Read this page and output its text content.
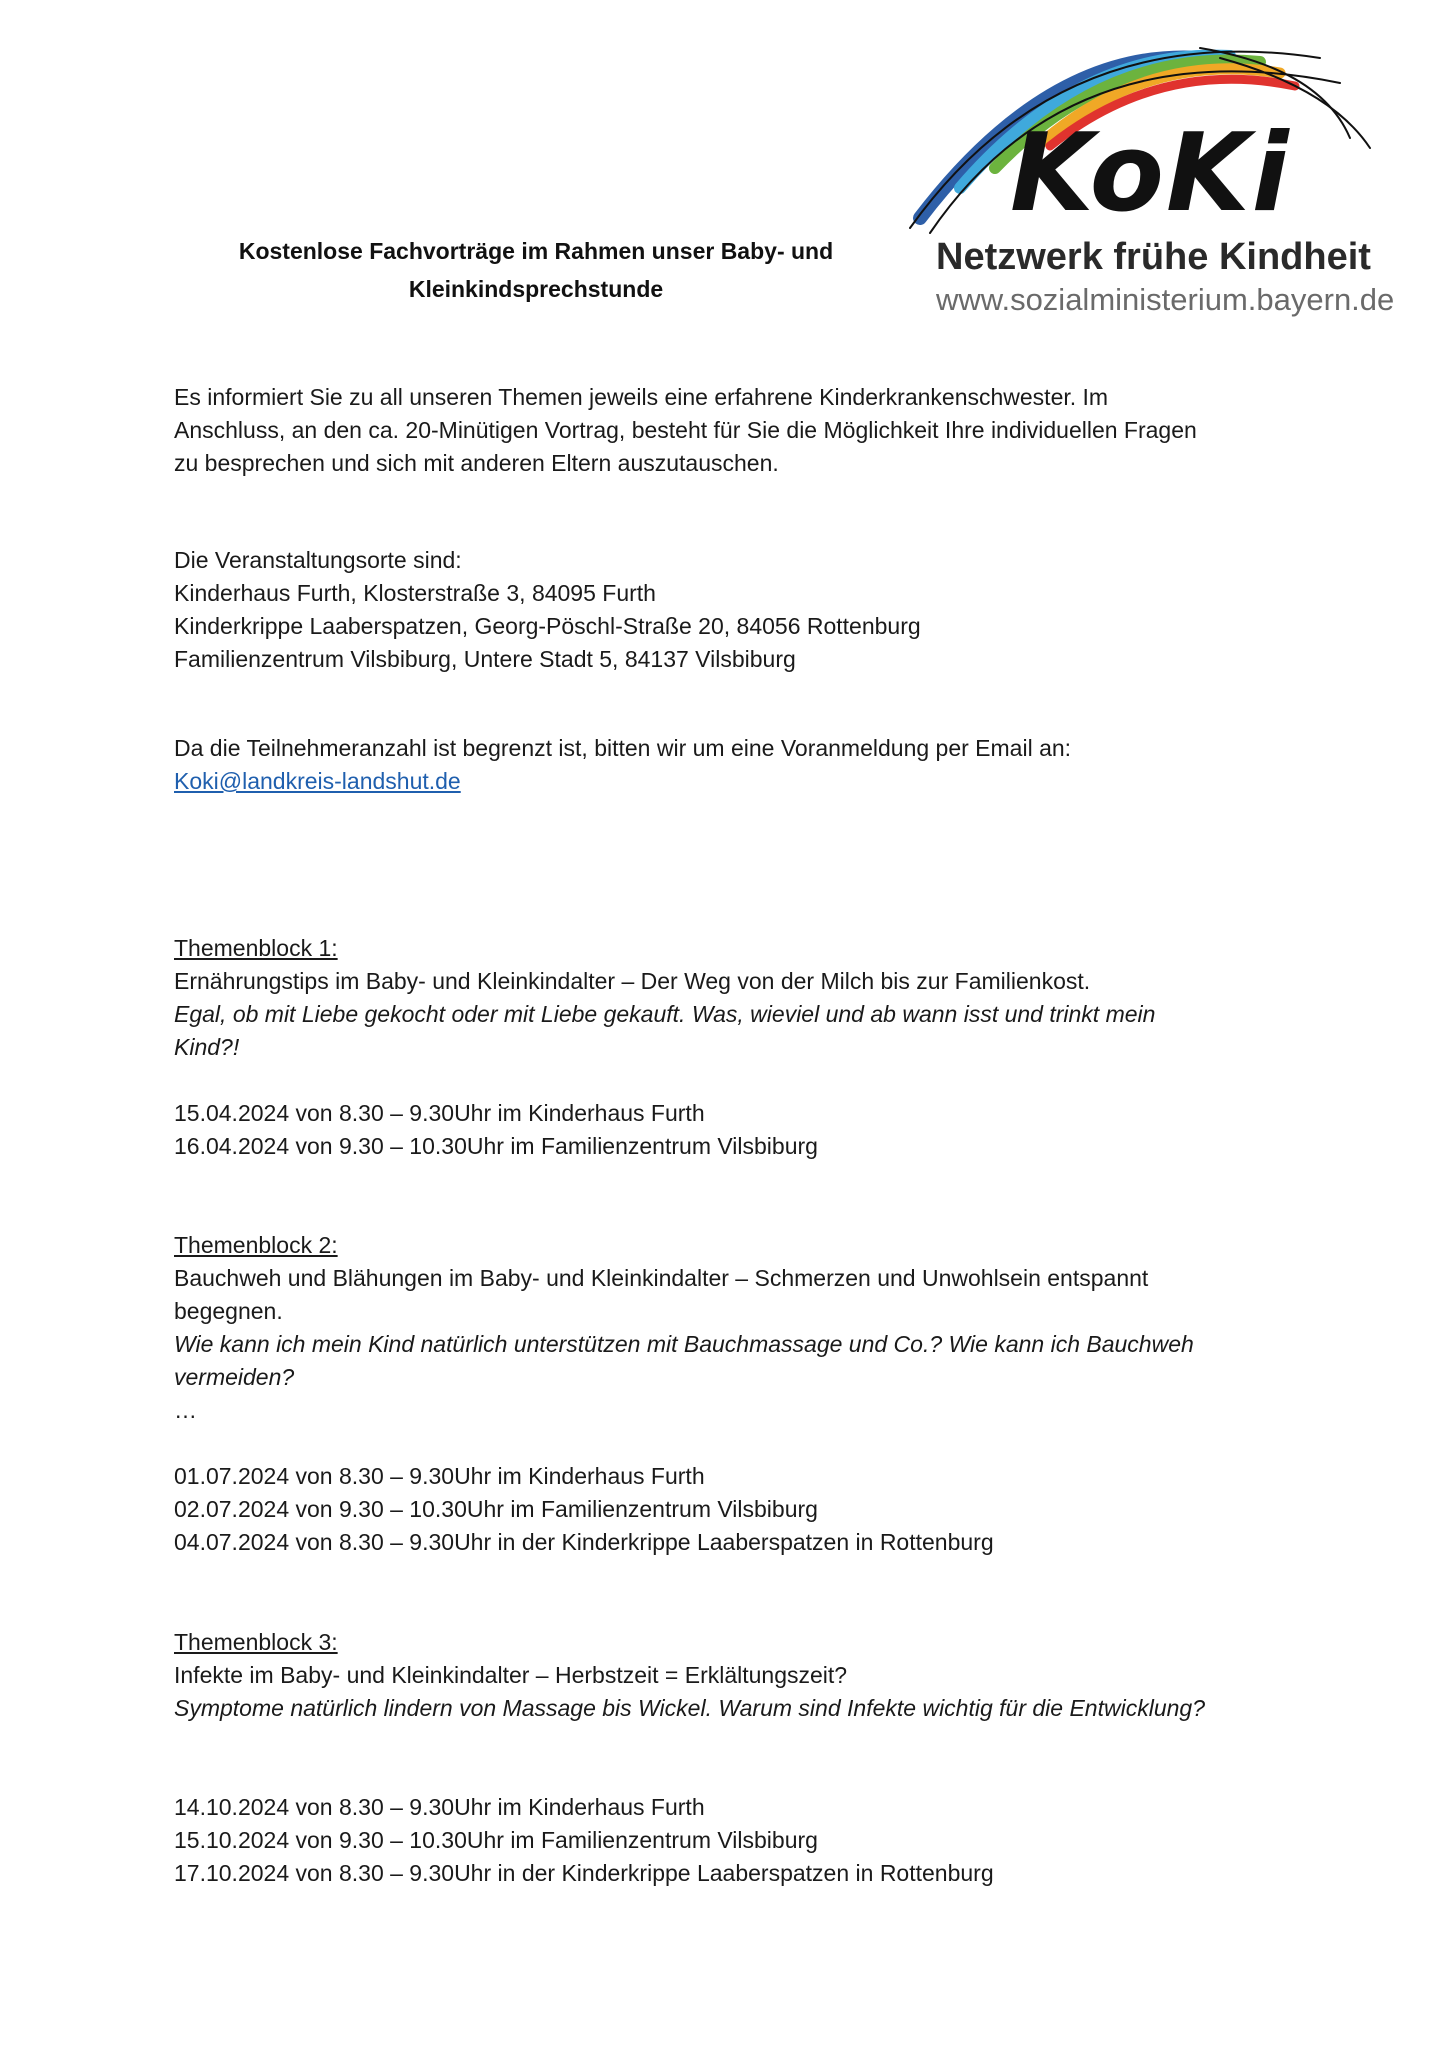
Kostenlose Fachvorträge im Rahmen unser Baby- und
Kleinkindsprechstunde
KoKi
Netzwerk frühe Kindheit
www.sozialministerium.bayern.de
Es informiert Sie zu all unseren Themen jeweils eine erfahrene Kinderkrankenschwester. Im
Anschluss, an den ca. 20-Minütigen Vortrag, besteht für Sie die Möglichkeit Ihre individuellen Fragen
zu besprechen und sich mit anderen Eltern auszutauschen.
Die Veranstaltungsorte sind:
Kinderhaus Furth, Klosterstraße 3, 84095 Furth
Kinderkrippe Laaberspatzen, Georg-Pöschl-Straße 20, 84056 Rottenburg
Familienzentrum Vilsbiburg, Untere Stadt 5, 84137 Vilsbiburg
Da die Teilnehmeranzahl ist begrenzt ist, bitten wir um eine Voranmeldung per Email an:
Koki@landkreis-landshut.de
Themenblock 1:
Ernährungstips im Baby- und Kleinkindalter – Der Weg von der Milch bis zur Familienkost.
Egal, ob mit Liebe gekocht oder mit Liebe gekauft. Was, wieviel und ab wann isst und trinkt mein
Kind?!
15.04.2024 von 8.30 – 9.30Uhr im Kinderhaus Furth
16.04.2024 von 9.30 – 10.30Uhr im Familienzentrum Vilsbiburg
Themenblock 2:
Bauchweh und Blähungen im Baby- und Kleinkindalter – Schmerzen und Unwohlsein entspannt
begegnen.
Wie kann ich mein Kind natürlich unterstützen mit Bauchmassage und Co.? Wie kann ich Bauchweh
vermeiden?
…
01.07.2024 von 8.30 – 9.30Uhr im Kinderhaus Furth
02.07.2024 von 9.30 – 10.30Uhr im Familienzentrum Vilsbiburg
04.07.2024 von 8.30 – 9.30Uhr in der Kinderkrippe Laaberspatzen in Rottenburg
Themenblock 3:
Infekte im Baby- und Kleinkindalter – Herbstzeit = Erklältungszeit?
Symptome natürlich lindern von Massage bis Wickel. Warum sind Infekte wichtig für die Entwicklung?
14.10.2024 von 8.30 – 9.30Uhr im Kinderhaus Furth
15.10.2024 von 9.30 – 10.30Uhr im Familienzentrum Vilsbiburg
17.10.2024 von 8.30 – 9.30Uhr in der Kinderkrippe Laaberspatzen in Rottenburg
